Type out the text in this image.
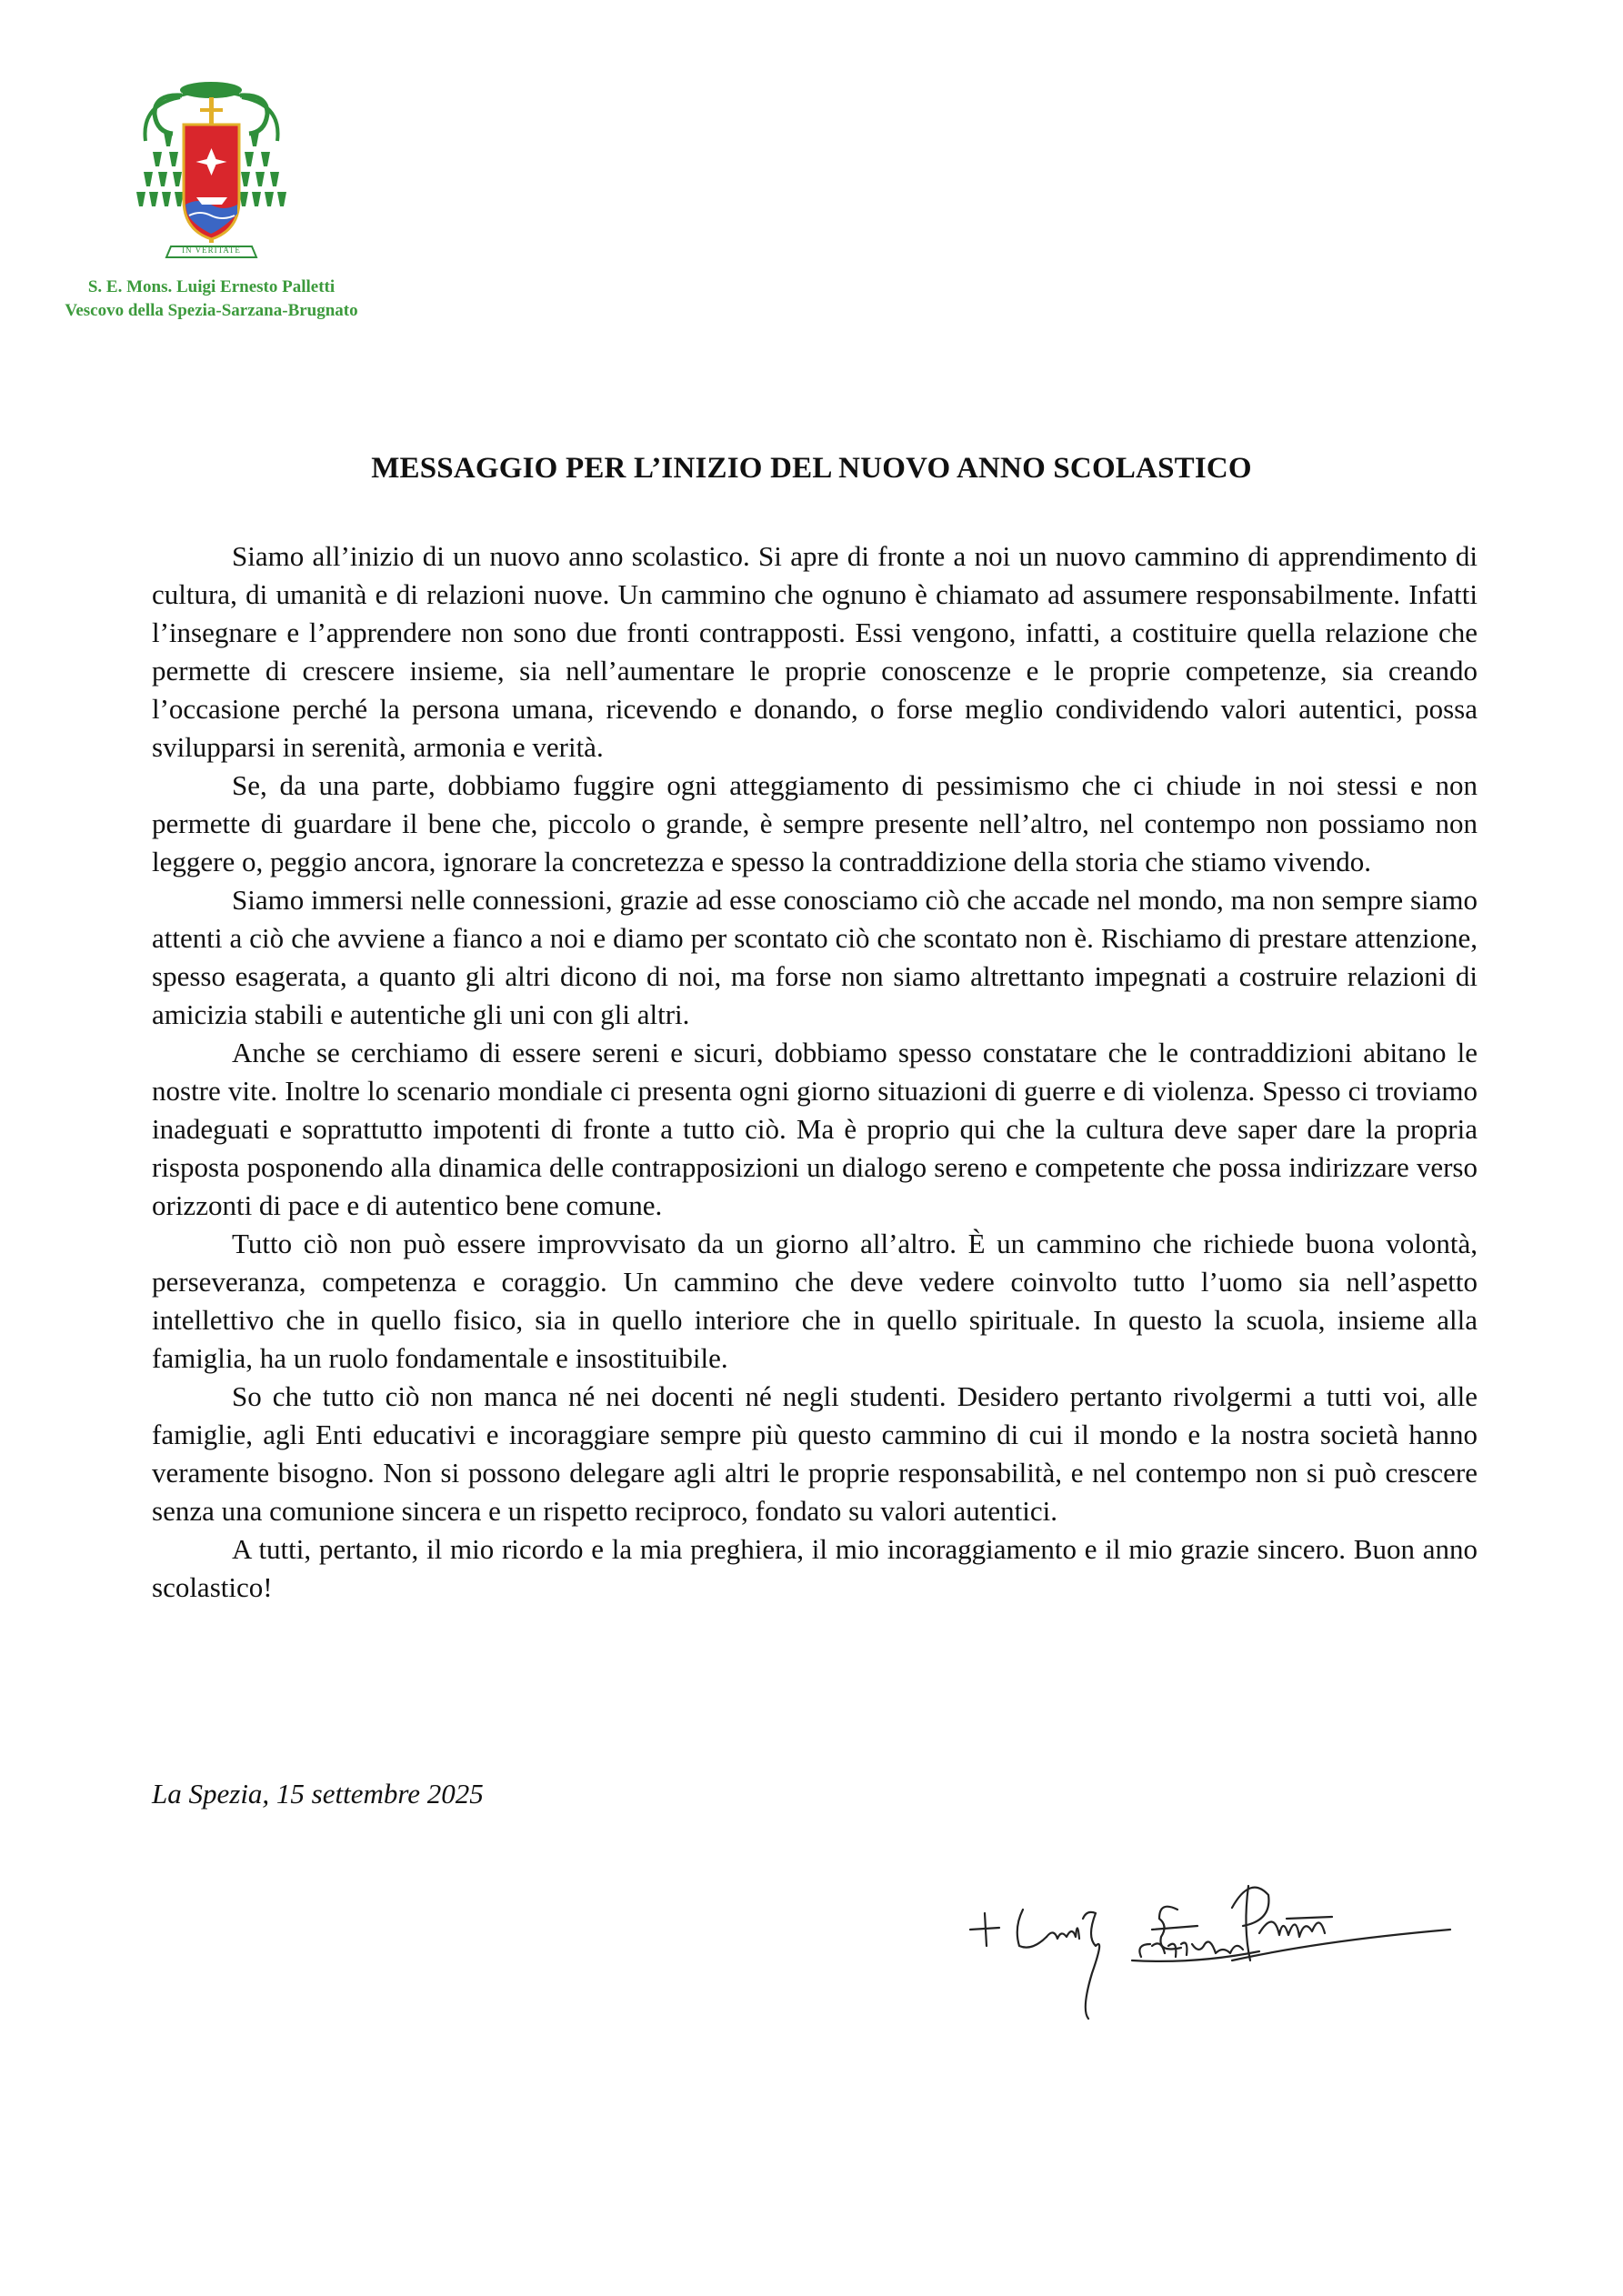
IN VERITATE
S. E. Mons. Luigi Ernesto Palletti
Vescovo della Spezia-Sarzana-Brugnato
MESSAGGIO PER L’INIZIO DEL NUOVO ANNO SCOLASTICO

Siamo all’inizio di un nuovo anno scolastico. Si apre di fronte a noi un nuovo cammino di apprendimento di cultura, di umanità e di relazioni nuove. Un cammino che ognuno è chiamato ad assumere responsabilmente. Infatti l’insegnare e l’apprendere non sono due fronti contrapposti. Essi vengono, infatti, a costituire quella relazione che permette di crescere insieme, sia nell’aumentare le proprie conoscenze e le proprie competenze, sia creando l’occasione perché la persona umana, ricevendo e donando, o forse meglio condividendo valori autentici, possa svilupparsi in serenità, armonia e verità.

Se, da una parte, dobbiamo fuggire ogni atteggiamento di pessimismo che ci chiude in noi stessi e non permette di guardare il bene che, piccolo o grande, è sempre presente nell’altro, nel contempo non possiamo non leggere o, peggio ancora, ignorare la concretezza e spesso la contraddizione della storia che stiamo vivendo.

Siamo immersi nelle connessioni, grazie ad esse conosciamo ciò che accade nel mondo, ma non sempre siamo attenti a ciò che avviene a fianco a noi e diamo per scontato ciò che scontato non è. Rischiamo di prestare attenzione, spesso esagerata, a quanto gli altri dicono di noi, ma forse non siamo altrettanto impegnati a costruire relazioni di amicizia stabili e autentiche gli uni con gli altri.

Anche se cerchiamo di essere sereni e sicuri, dobbiamo spesso constatare che le contraddizioni abitano le nostre vite. Inoltre lo scenario mondiale ci presenta ogni giorno situazioni di guerre e di violenza. Spesso ci troviamo inadeguati e soprattutto impotenti di fronte a tutto ciò. Ma è proprio qui che la cultura deve saper dare la propria risposta posponendo alla dinamica delle contrapposizioni un dialogo sereno e competente che possa indirizzare verso orizzonti di pace e di autentico bene comune.

Tutto ciò non può essere improvvisato da un giorno all’altro. È un cammino che richiede buona volontà, perseveranza, competenza e coraggio. Un cammino che deve vedere coinvolto tutto l’uomo sia nell’aspetto intellettivo che in quello fisico, sia in quello interiore che in quello spirituale. In questo la scuola, insieme alla famiglia, ha un ruolo fondamentale e insostituibile.

So che tutto ciò non manca né nei docenti né negli studenti. Desidero pertanto rivolgermi a tutti voi, alle famiglie, agli Enti educativi e incoraggiare sempre più questo cammino di cui il mondo e la nostra società hanno veramente bisogno. Non si possono delegare agli altri le proprie responsabilità, e nel contempo non si può crescere senza una comunione sincera e un rispetto reciproco, fondato su valori autentici.

A tutti, pertanto, il mio ricordo e la mia preghiera, il mio incoraggiamento e il mio grazie sincero. Buon anno scolastico!

La Spezia, 15 settembre 2025
